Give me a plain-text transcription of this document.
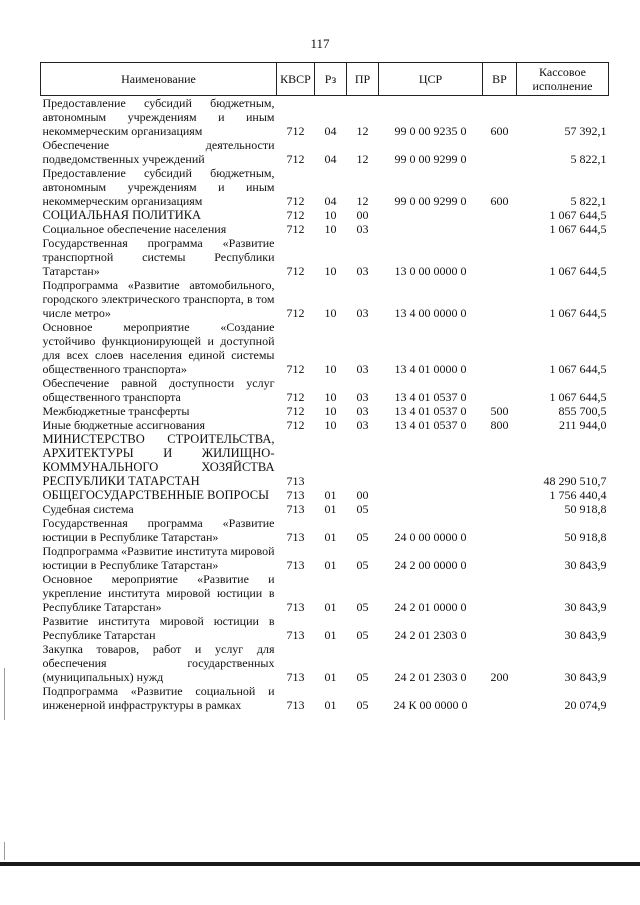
117
Наименование	КВСР	Рз	ПР	ЦСР	ВР	Кассовое исполнение
Предоставление субсидий бюджетным, автономным учреждениям и иным некоммерческим организациям	712	04	12	99 0 00 9235 0	600	57 392,1
Обеспечение деятельности подведомственных учреждений	712	04	12	99 0 00 9299 0		5 822,1
Предоставление субсидий бюджетным, автономным учреждениям и иным некоммерческим организациям	712	04	12	99 0 00 9299 0	600	5 822,1
СОЦИАЛЬНАЯ ПОЛИТИКА	712	10	00			1 067 644,5
Социальное обеспечение населения	712	10	03			1 067 644,5
Государственная программа «Развитие транспортной системы Республики Татарстан»	712	10	03	13 0 00 0000 0		1 067 644,5
Подпрограмма «Развитие автомобильного, городского электрического транспорта, в том числе метро»	712	10	03	13 4 00 0000 0		1 067 644,5
Основное мероприятие «Создание устойчиво функционирующей и доступной для всех слоев населения единой системы общественного транспорта»	712	10	03	13 4 01 0000 0		1 067 644,5
Обеспечение равной доступности услуг общественного транспорта	712	10	03	13 4 01 0537 0		1 067 644,5
Межбюджетные трансферты	712	10	03	13 4 01 0537 0	500	855 700,5
Иные бюджетные ассигнования	712	10	03	13 4 01 0537 0	800	211 944,0
МИНИСТЕРСТВО СТРОИТЕЛЬСТВА, АРХИТЕКТУРЫ И ЖИЛИЩНО-КОММУНАЛЬНОГО ХОЗЯЙСТВА РЕСПУБЛИКИ ТАТАРСТАН	713					48 290 510,7
ОБЩЕГОСУДАРСТВЕННЫЕ ВОПРОСЫ	713	01	00			1 756 440,4
Судебная система	713	01	05			50 918,8
Государственная программа «Развитие юстиции в Республике Татарстан»	713	01	05	24 0 00 0000 0		50 918,8
Подпрограмма «Развитие института мировой юстиции в Республике Татарстан»	713	01	05	24 2 00 0000 0		30 843,9
Основное мероприятие «Развитие и укрепление института мировой юстиции в Республике Татарстан»	713	01	05	24 2 01 0000 0		30 843,9
Развитие института мировой юстиции в Республике Татарстан	713	01	05	24 2 01 2303 0		30 843,9
Закупка товаров, работ и услуг для обеспечения государственных (муниципальных) нужд	713	01	05	24 2 01 2303 0	200	30 843,9
Подпрограмма «Развитие социальной и инженерной инфраструктуры в рамках	713	01	05	24 К 00 0000 0		20 074,9
